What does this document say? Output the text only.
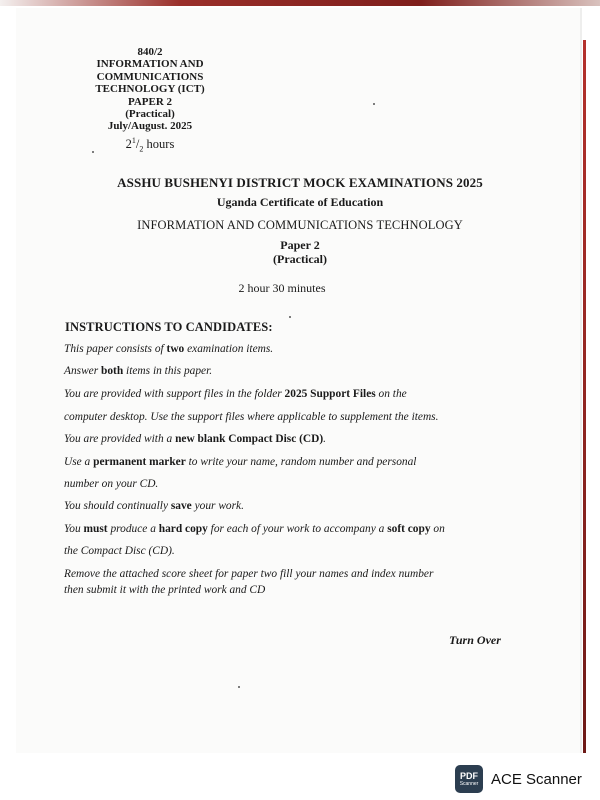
840/2
INFORMATION AND
COMMUNICATIONS
TECHNOLOGY (ICT)
PAPER 2
(Practical)
July/August. 2025
$2^1/_2$ hours
ASSHU BUSHENYI DISTRICT MOCK EXAMINATIONS 2025
Uganda Certificate of Education
INFORMATION AND COMMUNICATIONS TECHNOLOGY
Paper 2
(Practical)
2 hour 30 minutes
INSTRUCTIONS TO CANDIDATES:
This paper consists of two examination items.
Answer both items in this paper.
You are provided with support files in the folder 2025 Support Files on the
computer desktop. Use the support files where applicable to supplement the items.
You are provided with a new blank Compact Disc (CD).
Use a permanent marker to write your name, random number and personal
number on your CD.
You should continually save your work.
You must produce a hard copy for each of your work to accompany a soft copy on
the Compact Disc (CD).
Remove the attached score sheet for paper two fill your names and index number
then submit it with the printed work and CD
Turn Over
PDF
Scanner ACE Scanner
